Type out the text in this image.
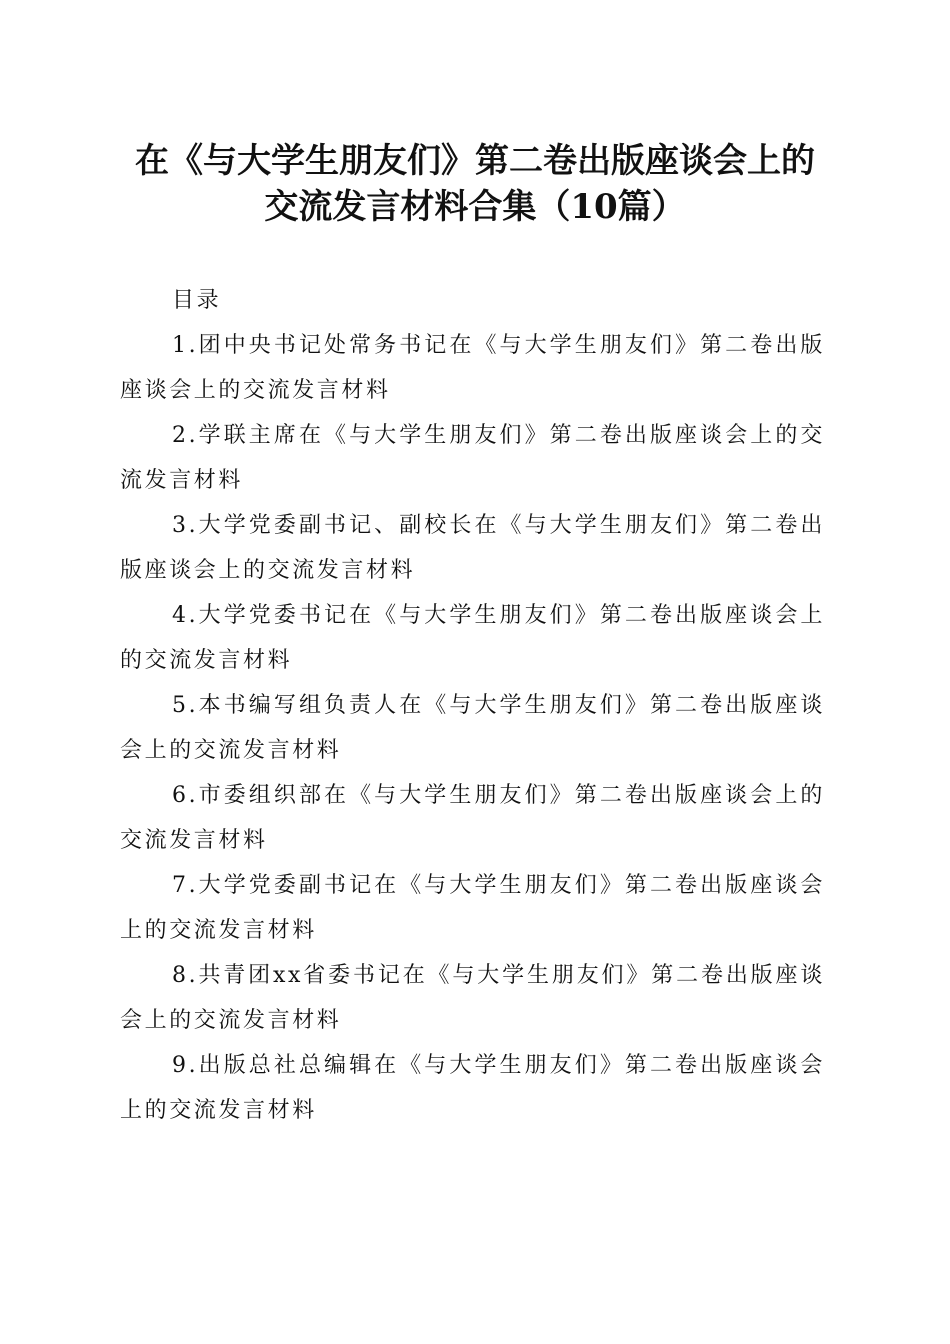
在《与大学生朋友们》第二卷出版座谈会上的
交流发言材料合集（10篇）

目录

1.团中央书记处常务书记在《与大学生朋友们》第二卷出版座谈会上的交流发言材料

2.学联主席在《与大学生朋友们》第二卷出版座谈会上的交流发言材料

3.大学党委副书记、副校长在《与大学生朋友们》第二卷出版座谈会上的交流发言材料

4.大学党委书记在《与大学生朋友们》第二卷出版座谈会上的交流发言材料

5.本书编写组负责人在《与大学生朋友们》第二卷出版座谈会上的交流发言材料

6.市委组织部在《与大学生朋友们》第二卷出版座谈会上的交流发言材料

7.大学党委副书记在《与大学生朋友们》第二卷出版座谈会上的交流发言材料

8.共青团xx省委书记在《与大学生朋友们》第二卷出版座谈会上的交流发言材料

9.出版总社总编辑在《与大学生朋友们》第二卷出版座谈会上的交流发言材料
